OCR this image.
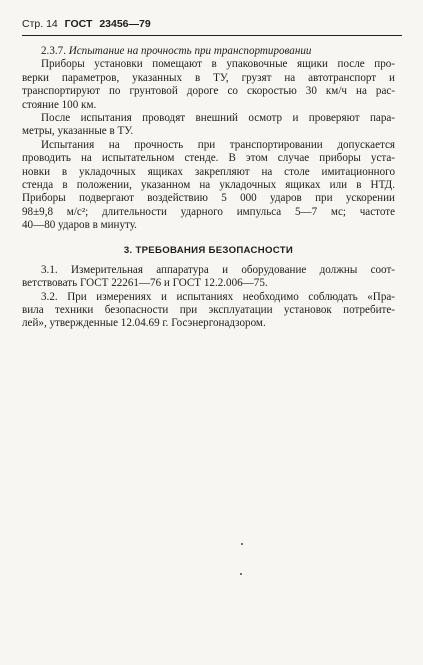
Стр. 14 ГОСТ 23456—79
2.3.7. Испытание на прочность при транспортировании
Приборы установки помещают в упаковочные ящики после про-
верки параметров, указанных в ТУ, грузят на автотранспорт и
транспортируют по грунтовой дороге со скоростью 30 км/ч на рас-
стояние 100 км.
После испытания проводят внешний осмотр и проверяют пара-
метры, указанные в ТУ.
Испытания на прочность при транспортировании допускается
проводить на испытательном стенде. В этом случае приборы уста-
новки в укладочных ящиках закрепляют на столе имитационного
стенда в положении, указанном на укладочных ящиках или в НТД.
Приборы подвергают воздействию 5 000 ударов при ускорении
98±9,8 м/с²; длительности ударного импульса 5—7 мс; частоте
40—80 ударов в минуту.
3. ТРЕБОВАНИЯ БЕЗОПАСНОСТИ
3.1. Измерительная аппаратура и оборудование должны соот-
ветствовать ГОСТ 22261—76 и ГОСТ 12.2.006—75.
3.2. При измерениях и испытаниях необходимо соблюдать «Пра-
вила техники безопасности при эксплуатации установок потребите-
лей», утвержденные 12.04.69 г. Госэнергонадзором.
